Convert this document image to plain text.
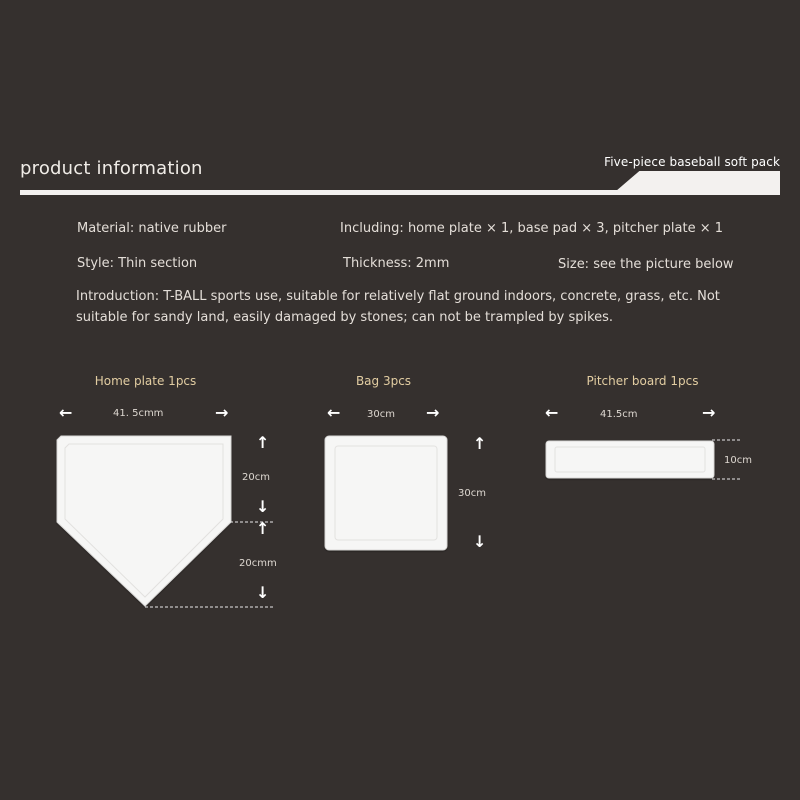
product information	Five-piece baseball soft pack
Material: native rubber	Including: home plate × 1, base pad × 3, pitcher plate × 1
Style: Thin section	Thickness: 2mm	Size: see the picture below
Introduction: T-BALL sports use, suitable for relatively flat ground indoors, concrete, grass, etc. Not suitable for sandy land, easily damaged by stones; can not be trampled by spikes.
Home plate 1pcs	Bag 3pcs	Pitcher board 1pcs
←	41. 5cmm	→
↑
20cm
↓
↑
20cmm
↓
←	30cm →
↑
30cm
↓
←	41.5cm	→
10cm
